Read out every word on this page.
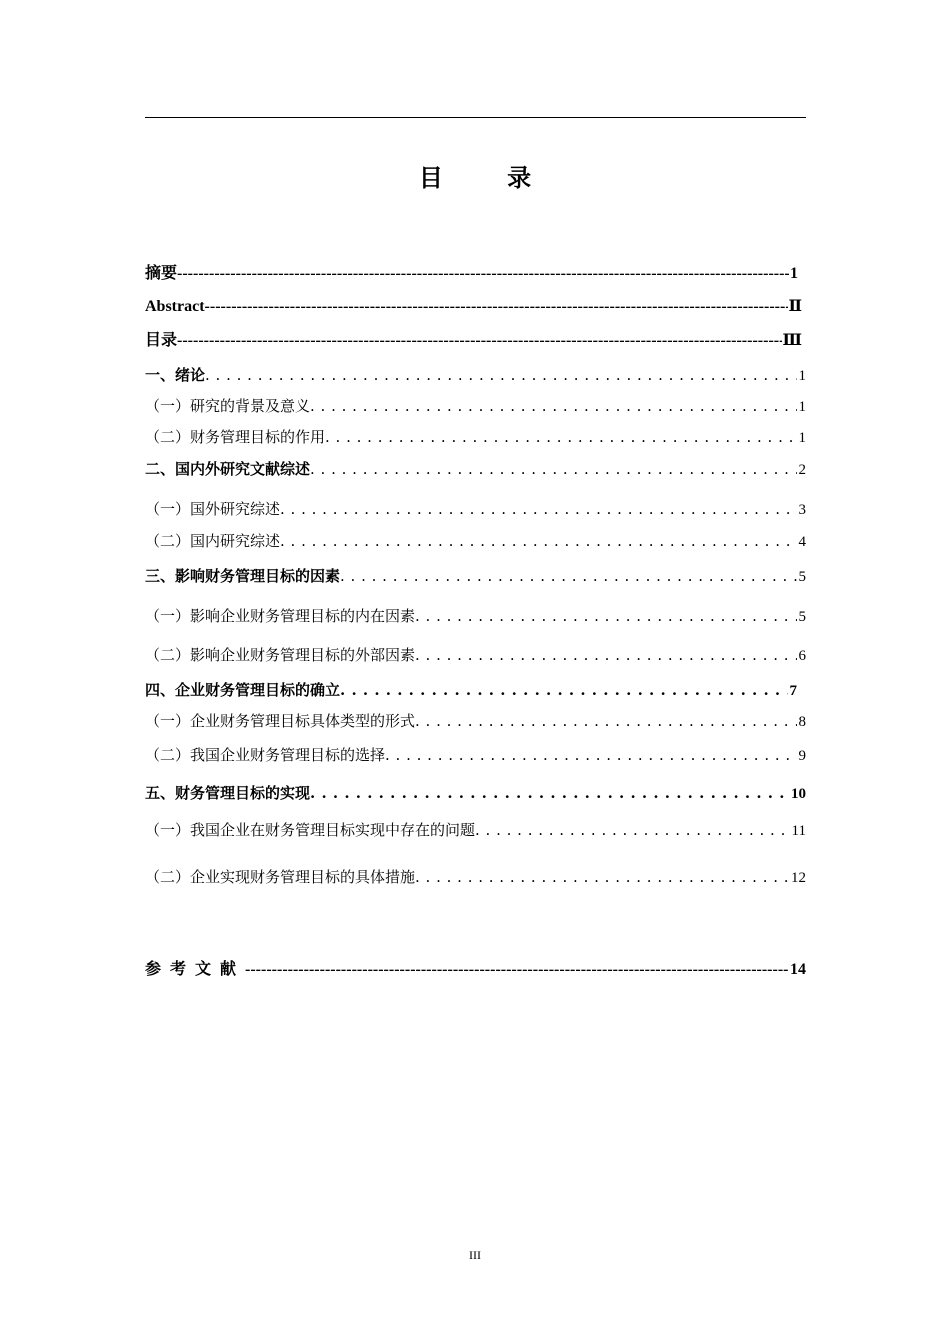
目 录
摘要 -----	1
Abstract -----	Ⅱ
目录 -----	Ⅲ
一、绪论 . . .	1
（一）研究的背景及意义 . . .	1
（二）财务管理目标的作用 . . .	1
二、国内外研究文献综述 . . .	2
（一）国外研究综述 . . .	3
（二）国内研究综述 . . .	4
三、影响财务管理目标的因素 . . .	5
（一）影响企业财务管理目标的内在因素 . . .	5
（二）影响企业财务管理目标的外部因素 . . .	6
四、企业财务管理目标的确立 . . .	7
（一）企业财务管理目标具体类型的形式 . . .	8
（二）我国企业财务管理目标的选择 . . .	9
五、财务管理目标的实现 . . .	10
（一）我国企业在财务管理目标实现中存在的问题 . . .	11
（二）企业实现财务管理目标的具体措施 . . .	12
参考文献 -----	14
III
